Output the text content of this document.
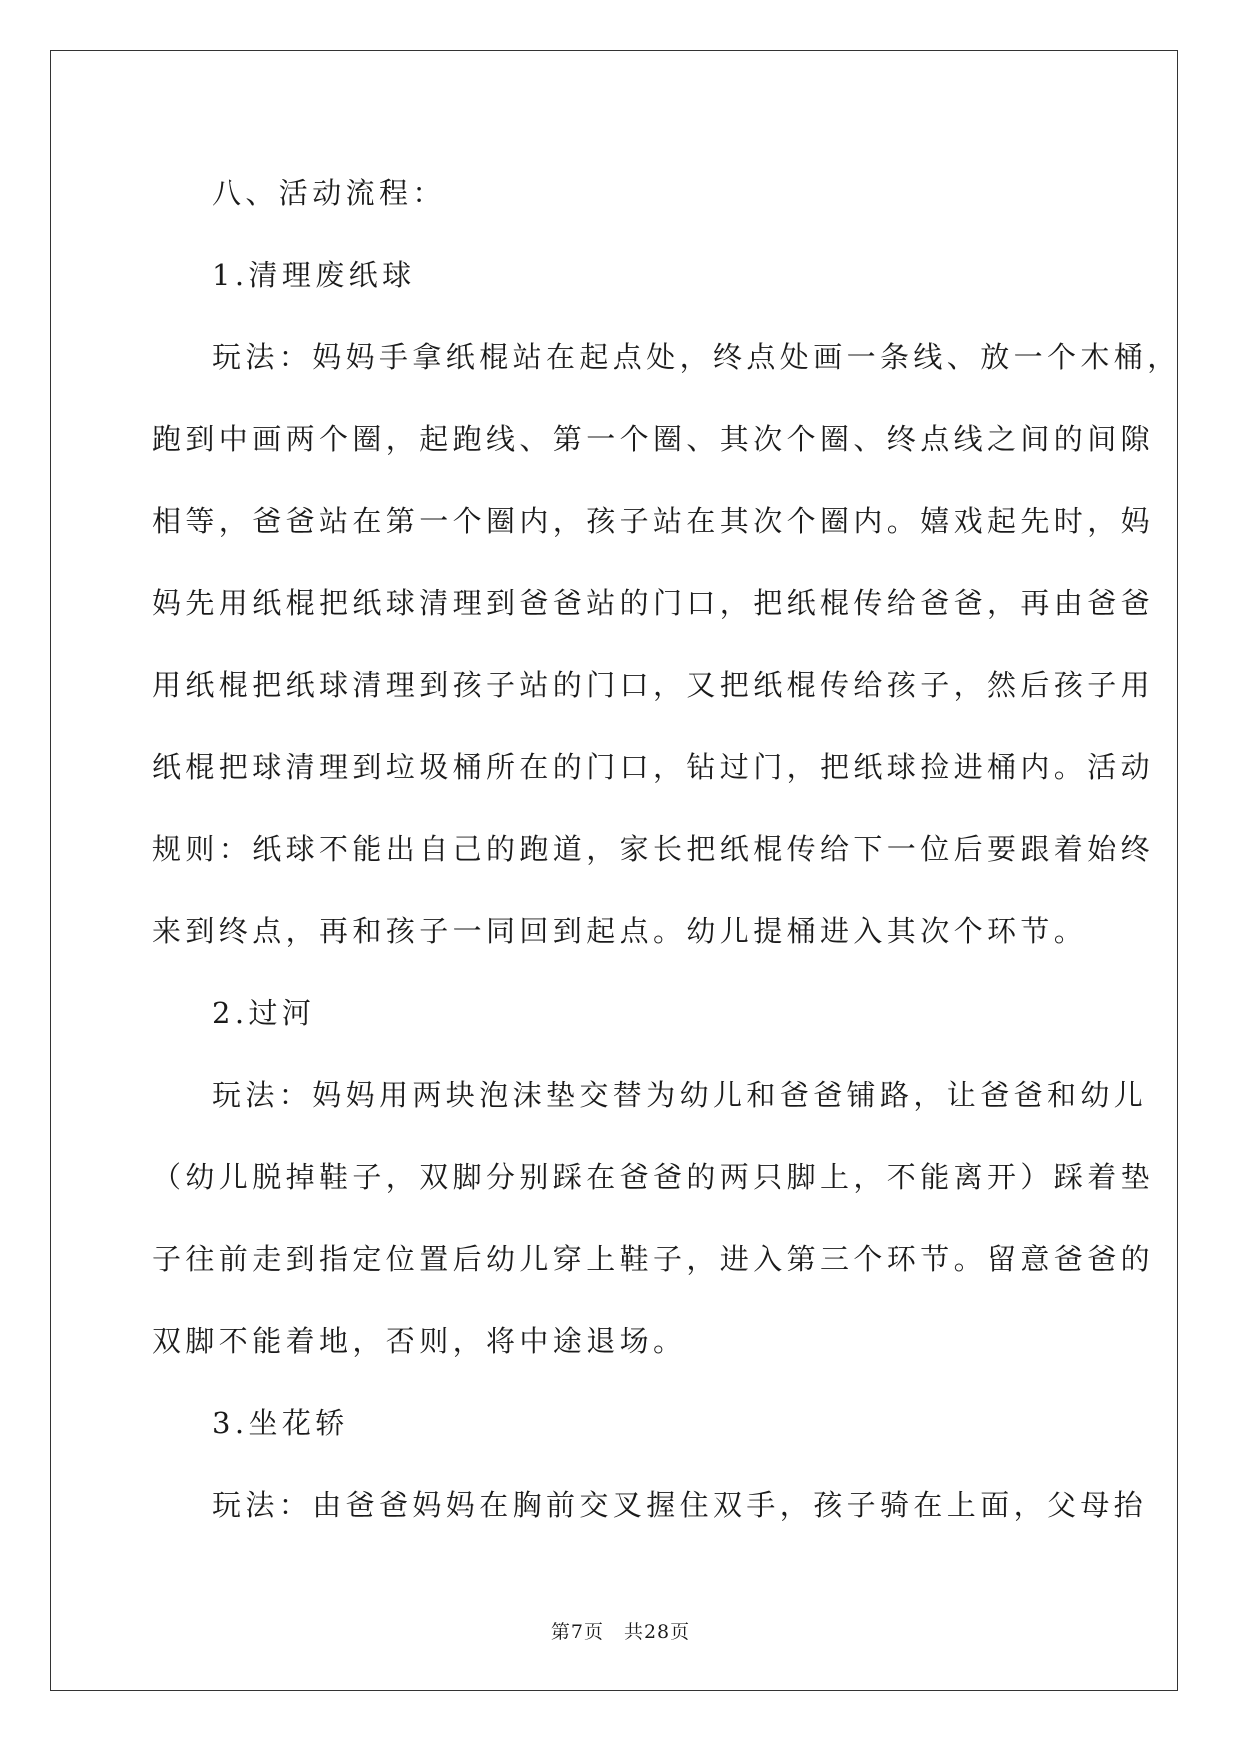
八、活动流程：
1.清理废纸球
玩法：妈妈手拿纸棍站在起点处，终点处画一条线、放一个木桶，
跑到中画两个圈，起跑线、第一个圈、其次个圈、终点线之间的间隙
相等，爸爸站在第一个圈内，孩子站在其次个圈内。嬉戏起先时，妈
妈先用纸棍把纸球清理到爸爸站的门口，把纸棍传给爸爸，再由爸爸
用纸棍把纸球清理到孩子站的门口，又把纸棍传给孩子，然后孩子用
纸棍把球清理到垃圾桶所在的门口，钻过门，把纸球捡进桶内。活动
规则：纸球不能出自己的跑道，家长把纸棍传给下一位后要跟着始终
来到终点，再和孩子一同回到起点。幼儿提桶进入其次个环节。
2.过河
玩法：妈妈用两块泡沫垫交替为幼儿和爸爸铺路，让爸爸和幼儿
（幼儿脱掉鞋子，双脚分别踩在爸爸的两只脚上，不能离开）踩着垫
子往前走到指定位置后幼儿穿上鞋子，进入第三个环节。留意爸爸的
双脚不能着地，否则，将中途退场。
3.坐花轿
玩法：由爸爸妈妈在胸前交叉握住双手，孩子骑在上面，父母抬
第7页　共28页
